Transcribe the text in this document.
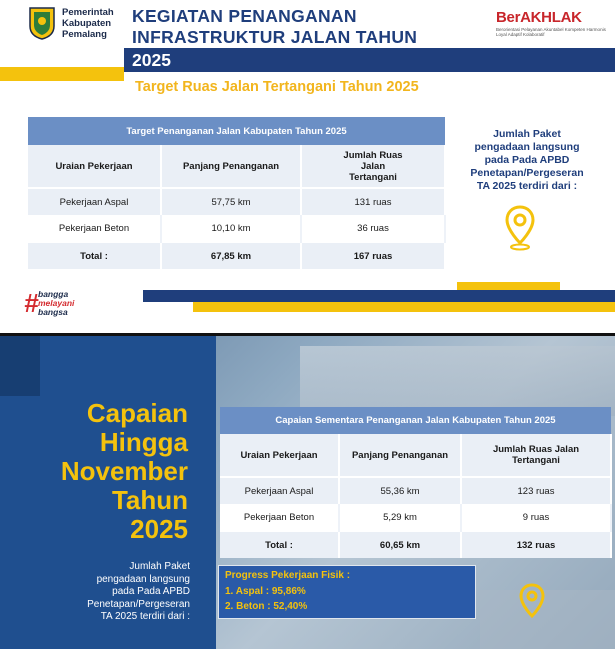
Pemerintah
Kabupaten
Pemalang
KEGIATAN PENANGANAN
INFRASTRUKTUR JALAN TAHUN
2025
Target Ruas Jalan Tertangani Tahun 2025
BerAKHLAK
Berorientasi Pelayanan Akuntabel Kompeten Harmonis Loyal Adaptif Kolaboratif
Target Penanganan Jalan Kabupaten Tahun 2025		
Uraian Pekerjaan	Panjang Penanganan	Jumlah Ruas Jalan Tertangani
Pekerjaan Aspal	57,75 km	131 ruas
Pekerjaan Beton	10,10 km	36 ruas
Total :	67,85 km	167 ruas
Jumlah Paket pengadaan langsung pada Pada APBD Penetapan/Pergeseran TA 2025 terdiri dari :
# bangga
melayani
bangsa
Capaian
Hingga
November
Tahun
2025
Jumlah Paket
pengadaan langsung
pada Pada APBD
Penetapan/Pergeseran
TA 2025 terdiri dari :
Capaian Sementara Penanganan Jalan Kabupaten Tahun 2025		
Uraian Pekerjaan	Panjang Penanganan	Jumlah Ruas Jalan Tertangani
Pekerjaan Aspal	55,36 km	123 ruas
Pekerjaan Beton	5,29 km	9 ruas
Total :	60,65 km	132 ruas
Progress Pekerjaan Fisik :
1. Aspal : 95,86%
2. Beton : 52,40%
